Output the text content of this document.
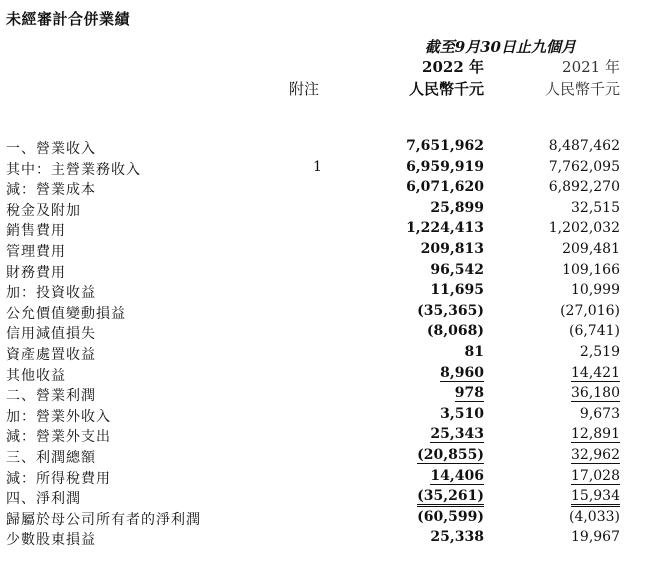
未經審計合併業績
截至9月30日止九個月
2022 年	2021 年
附注	人民幣千元	人民幣千元
一、營業收入	7,651,962	8,487,462
其中：主營業務收入	1	6,959,919	7,762,095
減：營業成本	6,071,620	6,892,270
稅金及附加	25,899	32,515
銷售費用	1,224,413	1,202,032
管理費用	209,813	209,481
財務費用	96,542	109,166
加：投資收益	11,695	10,999
公允價值變動損益	(35,365)	(27,016)
信用減值損失	(8,068)	(6,741)
資產處置收益	81	2,519
其他收益	8,960	14,421
二、營業利潤	978	36,180
加：營業外收入	3,510	9,673
減：營業外支出	25,343	12,891
三、利潤總額	(20,855)	32,962
減：所得稅費用	14,406	17,028
四、淨利潤	(35,261)	15,934
歸屬於母公司所有者的淨利潤	(60,599)	(4,033)
少數股東損益	25,338	19,967
